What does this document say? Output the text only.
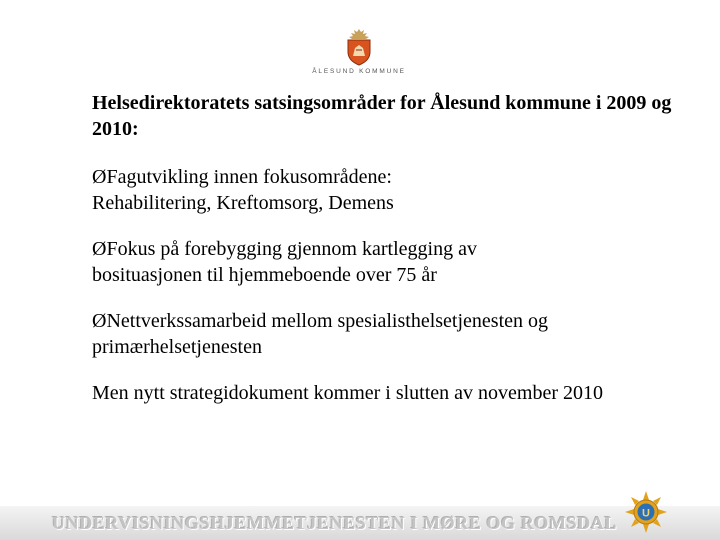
ÅLESUND KOMMUNE

Helsedirektoratets satsingsområder for Ålesund kommune i 2009 og 2010:

ØFagutvikling innen fokusområdene:
Rehabilitering, Kreftomsorg, Demens

ØFokus på forebygging gjennom kartlegging av
bosituasjonen til hjemmeboende over 75 år

ØNettverkssamarbeid mellom spesialisthelsetjenesten og
primærhelsetjenesten

Men nytt strategidokument kommer i slutten av november 2010

UNDERVISNINGSHJEMMETJENESTEN I MØRE OG ROMSDAL U
